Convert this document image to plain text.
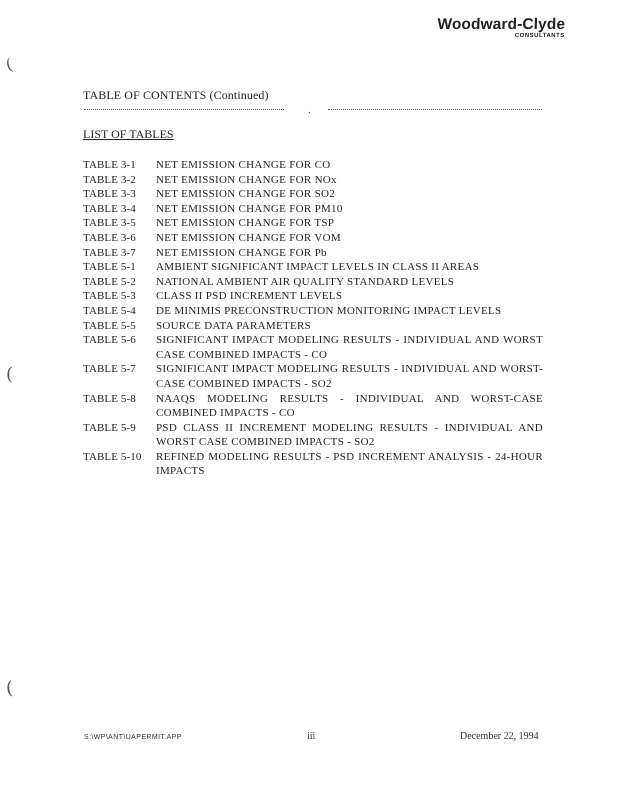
Woodward-Clyde
CONSULTANTS
(
(
(
TABLE OF CONTENTS (Continued)
.
LIST OF TABLES
TABLE 3-1	NET EMISSION CHANGE FOR CO
TABLE 3-2	NET EMISSION CHANGE FOR NOx
TABLE 3-3	NET EMISSION CHANGE FOR SO2
TABLE 3-4	NET EMISSION CHANGE FOR PM10
TABLE 3-5	NET EMISSION CHANGE FOR TSP
TABLE 3-6	NET EMISSION CHANGE FOR VOM
TABLE 3-7	NET EMISSION CHANGE FOR Pb
TABLE 5-1	AMBIENT SIGNIFICANT IMPACT LEVELS IN CLASS II AREAS
TABLE 5-2	NATIONAL AMBIENT AIR QUALITY STANDARD LEVELS
TABLE 5-3	CLASS II PSD INCREMENT LEVELS
TABLE 5-4	DE MINIMIS PRECONSTRUCTION MONITORING IMPACT LEVELS
TABLE 5-5	SOURCE DATA PARAMETERS
TABLE 5-6	SIGNIFICANT IMPACT MODELING RESULTS - INDIVIDUAL AND WORST CASE COMBINED IMPACTS - CO
TABLE 5-7	SIGNIFICANT IMPACT MODELING RESULTS - INDIVIDUAL AND WORST-CASE COMBINED IMPACTS - SO2
TABLE 5-8	NAAQS MODELING RESULTS - INDIVIDUAL AND WORST-CASE COMBINED IMPACTS - CO
TABLE 5-9	PSD CLASS II INCREMENT MODELING RESULTS - INDIVIDUAL AND WORST CASE COMBINED IMPACTS - SO2
TABLE 5-10	REFINED MODELING RESULTS - PSD INCREMENT ANALYSIS - 24-HOUR IMPACTS
S:\WP\ANT\UAPERMIT.APP	iii	December 22, 1994
